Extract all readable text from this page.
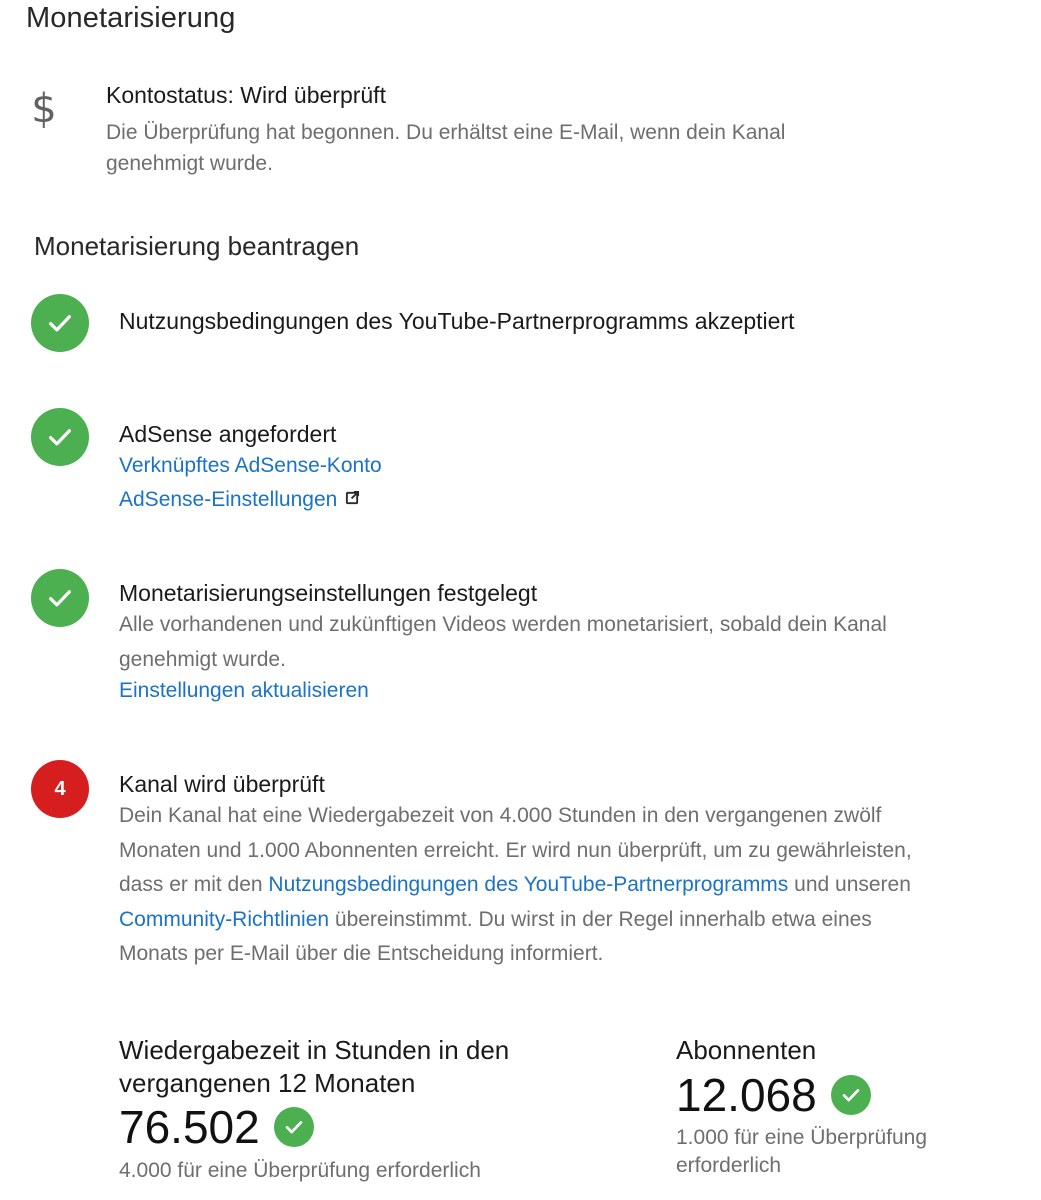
Monetarisierung
$ Kontostatus: Wird überprüft
Die Überprüfung hat begonnen. Du erhältst eine E-Mail, wenn dein Kanal genehmigt wurde.
Monetarisierung beantragen
Nutzungsbedingungen des YouTube-Partnerprogramms akzeptiert
AdSense angefordert
Verknüpftes AdSense-Konto
AdSense-Einstellungen
Monetarisierungseinstellungen festgelegt
Alle vorhandenen und zukünftigen Videos werden monetarisiert, sobald dein Kanal genehmigt wurde.
Einstellungen aktualisieren
4	Kanal wird überprüft
Dein Kanal hat eine Wiedergabezeit von 4.000 Stunden in den vergangenen zwölf Monaten und 1.000 Abonnenten erreicht. Er wird nun überprüft, um zu gewährleisten, dass er mit den Nutzungsbedingungen des YouTube-Partnerprogramms und unseren Community-Richtlinien übereinstimmt. Du wirst in der Regel innerhalb etwa eines Monats per E-Mail über die Entscheidung informiert.
Wiedergabezeit in Stunden in den vergangenen 12 Monaten
76.502
4.000 für eine Überprüfung erforderlich
Abonnenten
12.068
1.000 für eine Überprüfung erforderlich
